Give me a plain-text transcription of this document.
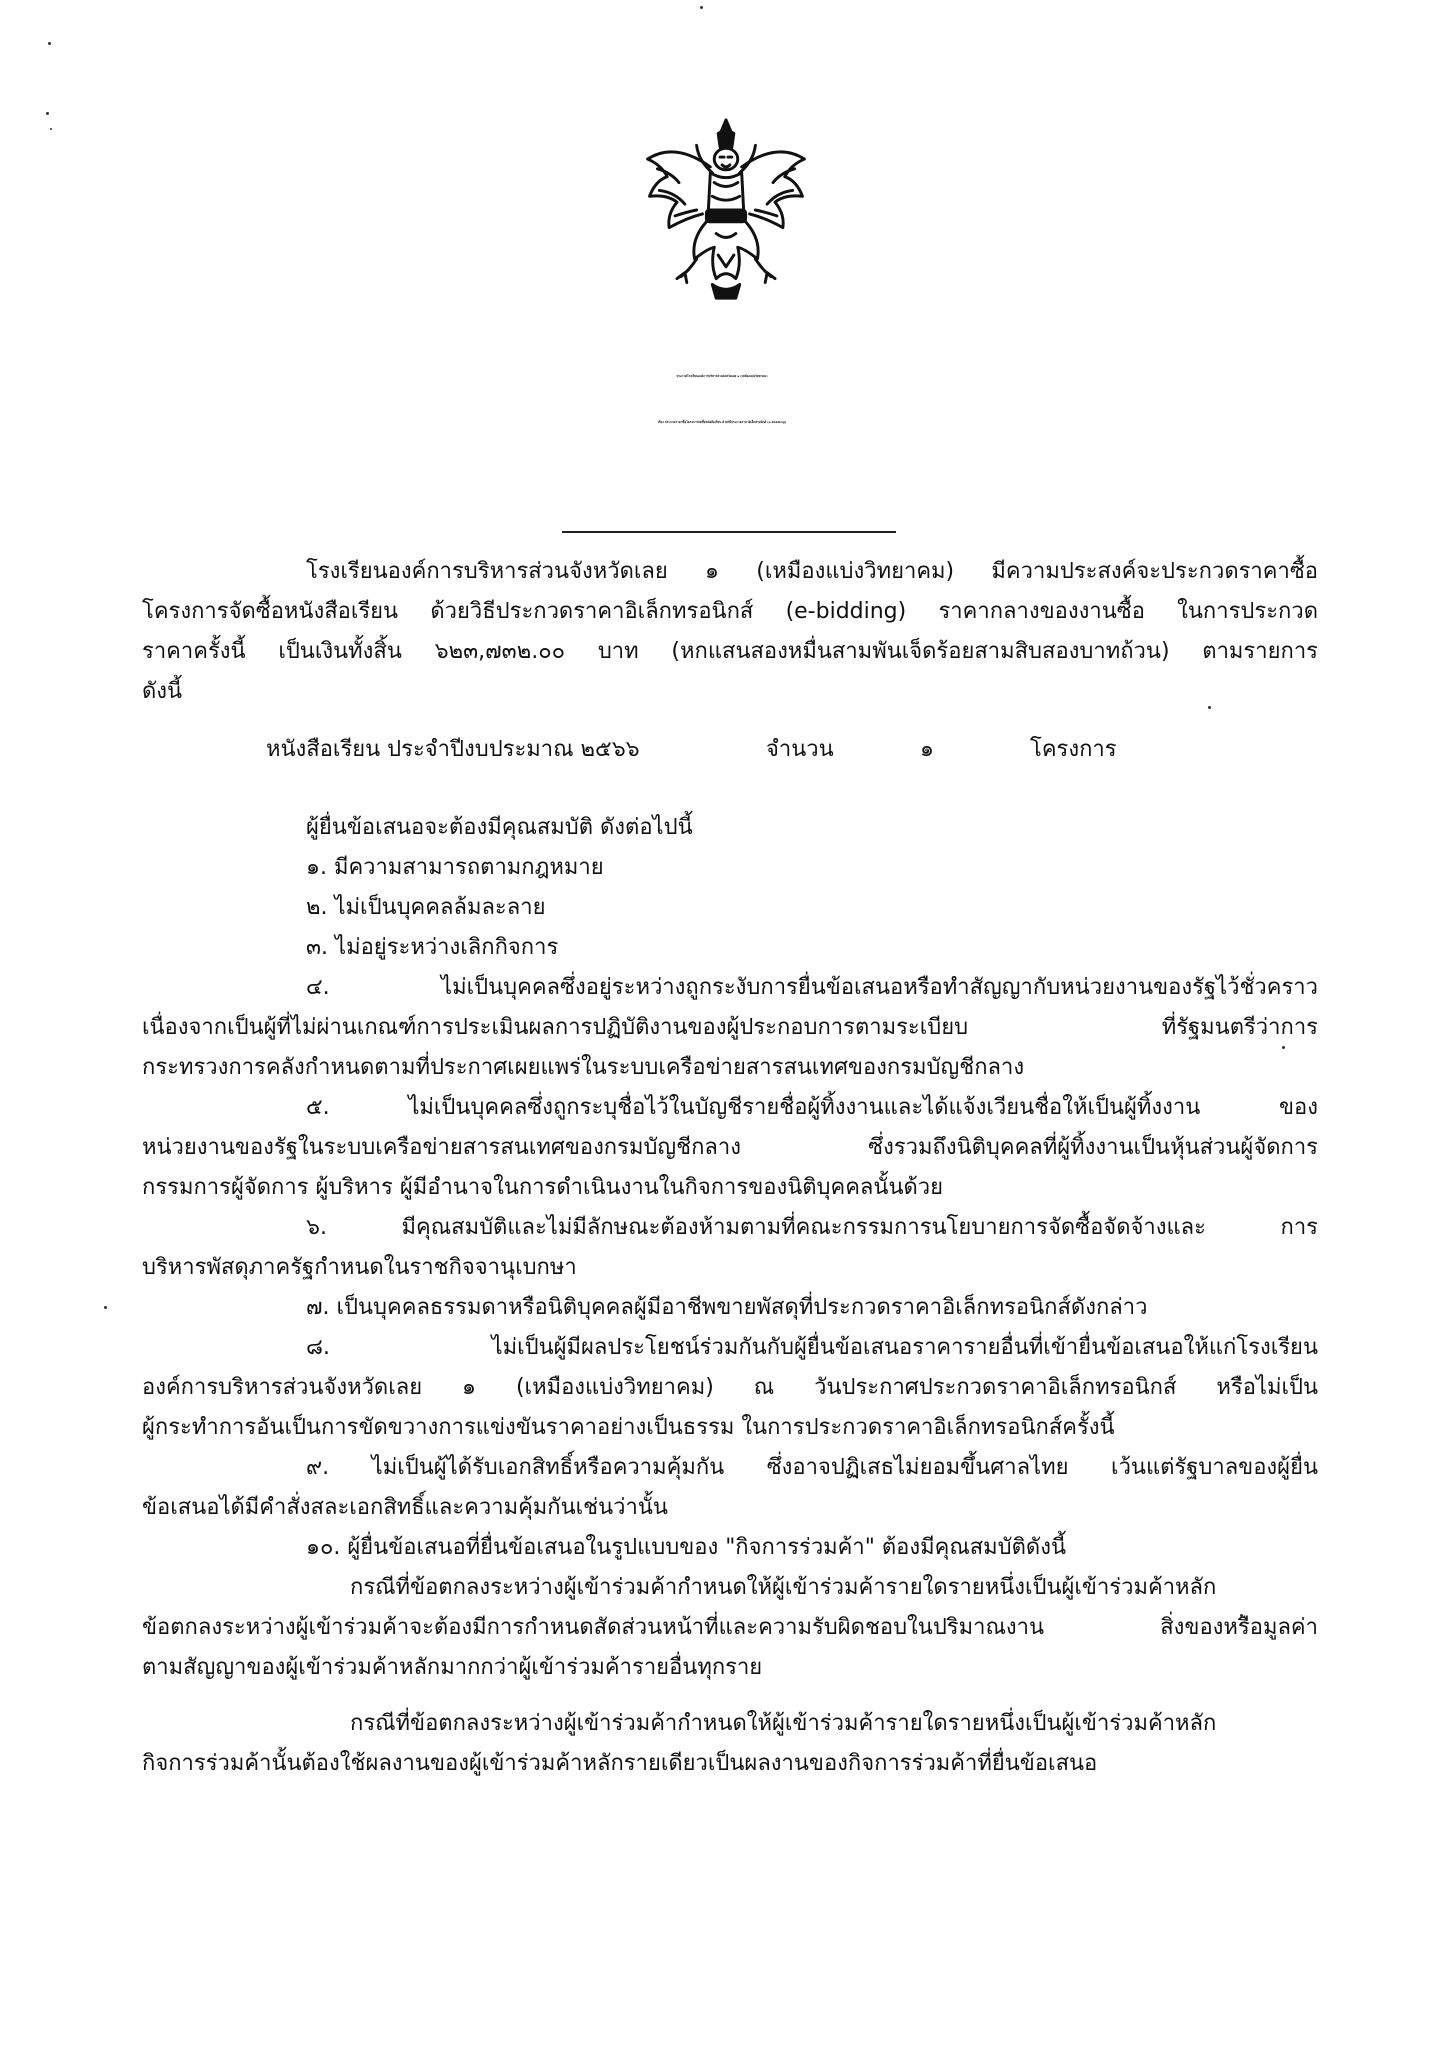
ประกาศโรงเรียนองค์การบริหารส่วนจังหวัดเลย ๑ (เหมืองแบ่งวิทยาคม)
เรื่อง ประกวดราคาซื้อโครงการจัดซื้อหนังสือเรียน ด้วยวิธีประกวดราคาอิเล็กทรอนิกส์ (e-bidding)
โรงเรียนองค์การบริหารส่วนจังหวัดเลย ๑ (เหมืองแบ่งวิทยาคม) มีความประสงค์จะประกวดราคาซื้อ
โครงการจัดซื้อหนังสือเรียน ด้วยวิธีประกวดราคาอิเล็กทรอนิกส์ (e-bidding) ราคากลางของงานซื้อ ในการประกวด
ราคาครั้งนี้ เป็นเงินทั้งสิ้น ๖๒๓,๗๓๒.๐๐ บาท (หกแสนสองหมื่นสามพันเจ็ดร้อยสามสิบสองบาทถ้วน) ตามรายการ
ดังนี้
หนังสือเรียน ประจำปีงบประมาณ ๒๕๖๖	จำนวน	๑	โครงการ
ผู้ยื่นข้อเสนอจะต้องมีคุณสมบัติ ดังต่อไปนี้
๑. มีความสามารถตามกฎหมาย
๒. ไม่เป็นบุคคลล้มละลาย
๓. ไม่อยู่ระหว่างเลิกกิจการ
๔. ไม่เป็นบุคคลซึ่งอยู่ระหว่างถูกระงับการยื่นข้อเสนอหรือทำสัญญากับหน่วยงานของรัฐไว้ชั่วคราว
เนื่องจากเป็นผู้ที่ไม่ผ่านเกณฑ์การประเมินผลการปฏิบัติงานของผู้ประกอบการตามระเบียบ ที่รัฐมนตรีว่าการ
กระทรวงการคลังกำหนดตามที่ประกาศเผยแพร่ในระบบเครือข่ายสารสนเทศของกรมบัญชีกลาง
๕. ไม่เป็นบุคคลซึ่งถูกระบุชื่อไว้ในบัญชีรายชื่อผู้ทิ้งงานและได้แจ้งเวียนชื่อให้เป็นผู้ทิ้งงาน ของ
หน่วยงานของรัฐในระบบเครือข่ายสารสนเทศของกรมบัญชีกลาง ซึ่งรวมถึงนิติบุคคลที่ผู้ทิ้งงานเป็นหุ้นส่วนผู้จัดการ
กรรมการผู้จัดการ ผู้บริหาร ผู้มีอำนาจในการดำเนินงานในกิจการของนิติบุคคลนั้นด้วย
๖. มีคุณสมบัติและไม่มีลักษณะต้องห้ามตามที่คณะกรรมการนโยบายการจัดซื้อจัดจ้างและ การ
บริหารพัสดุภาครัฐกำหนดในราชกิจจานุเบกษา
๗. เป็นบุคคลธรรมดาหรือนิติบุคคลผู้มีอาชีพขายพัสดุที่ประกวดราคาอิเล็กทรอนิกส์ดังกล่าว
๘. ไม่เป็นผู้มีผลประโยชน์ร่วมกันกับผู้ยื่นข้อเสนอราคารายอื่นที่เข้ายื่นข้อเสนอให้แก่โรงเรียน
องค์การบริหารส่วนจังหวัดเลย ๑ (เหมืองแบ่งวิทยาคม) ณ วันประกาศประกวดราคาอิเล็กทรอนิกส์ หรือไม่เป็น
ผู้กระทำการอันเป็นการขัดขวางการแข่งขันราคาอย่างเป็นธรรม ในการประกวดราคาอิเล็กทรอนิกส์ครั้งนี้
๙. ไม่เป็นผู้ได้รับเอกสิทธิ์หรือความคุ้มกัน ซึ่งอาจปฏิเสธไม่ยอมขึ้นศาลไทย เว้นแต่รัฐบาลของผู้ยื่น
ข้อเสนอได้มีคำสั่งสละเอกสิทธิ์และความคุ้มกันเช่นว่านั้น
๑๐. ผู้ยื่นข้อเสนอที่ยื่นข้อเสนอในรูปแบบของ "กิจการร่วมค้า" ต้องมีคุณสมบัติดังนี้
กรณีที่ข้อตกลงระหว่างผู้เข้าร่วมค้ากำหนดให้ผู้เข้าร่วมค้ารายใดรายหนึ่งเป็นผู้เข้าร่วมค้าหลัก
ข้อตกลงระหว่างผู้เข้าร่วมค้าจะต้องมีการกำหนดสัดส่วนหน้าที่และความรับผิดชอบในปริมาณงาน สิ่งของหรือมูลค่า
ตามสัญญาของผู้เข้าร่วมค้าหลักมากกว่าผู้เข้าร่วมค้ารายอื่นทุกราย
กรณีที่ข้อตกลงระหว่างผู้เข้าร่วมค้ากำหนดให้ผู้เข้าร่วมค้ารายใดรายหนึ่งเป็นผู้เข้าร่วมค้าหลัก
กิจการร่วมค้านั้นต้องใช้ผลงานของผู้เข้าร่วมค้าหลักรายเดียวเป็นผลงานของกิจการร่วมค้าที่ยื่นข้อเสนอ
